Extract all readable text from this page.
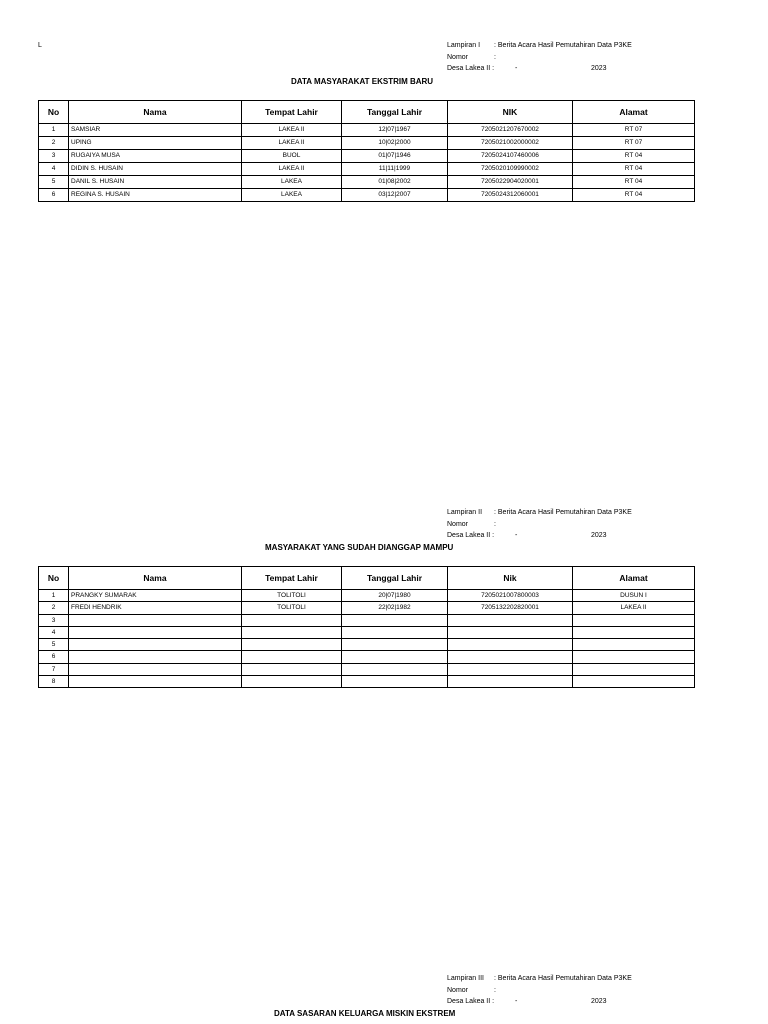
L	Lampiran I : Berita Acara Hasil Pemutahiran Data P3KE
Nomor	:
Desa Lakea II :	-	2023
DATA MASYARAKAT EKSTRIM BARU
No	Nama	Tempat Lahir	Tanggal Lahir	NIK	Alamat
1	SAMSIAR	LAKEA II	12|07|1967	7205021207670002	RT 07
2	UPING	LAKEA II	10|02|2000	7205021002000002	RT 07
3	RUGAIYA MUSA	BUOL	01|07|1946	7205024107460006	RT 04
4	DIDIN S. HUSAIN	LAKEA II	11|11|1999	7205020109990002	RT 04
5	DANIL S. HUSAIN	LAKEA	01|08|2002	7205022904020001	RT 04
6	REGINA S. HUSAIN	LAKEA	03|12|2007	7205024312060001	RT 04
Lampiran II : Berita Acara Hasil Pemutahiran Data P3KE
Nomor	:
Desa Lakea II :	-	2023
MASYARAKAT YANG SUDAH DIANGGAP MAMPU
No	Nama	Tempat Lahir	Tanggal Lahir	Nik	Alamat
1	PRANGKY SUMARAK	TOLITOLI	20|07|1980	7205021007800003	DUSUN I
2	FREDI HENDRIK	TOLITOLI	22|02|1982	7205132202820001	LAKEA II
3					
4					
5					
6					
7					
8					
Lampiran III : Berita Acara Hasil Pemutahiran Data P3KE
Nomor	:
Desa Lakea II :	-	2023
DATA SASARAN KELUARGA MISKIN EKSTREM
